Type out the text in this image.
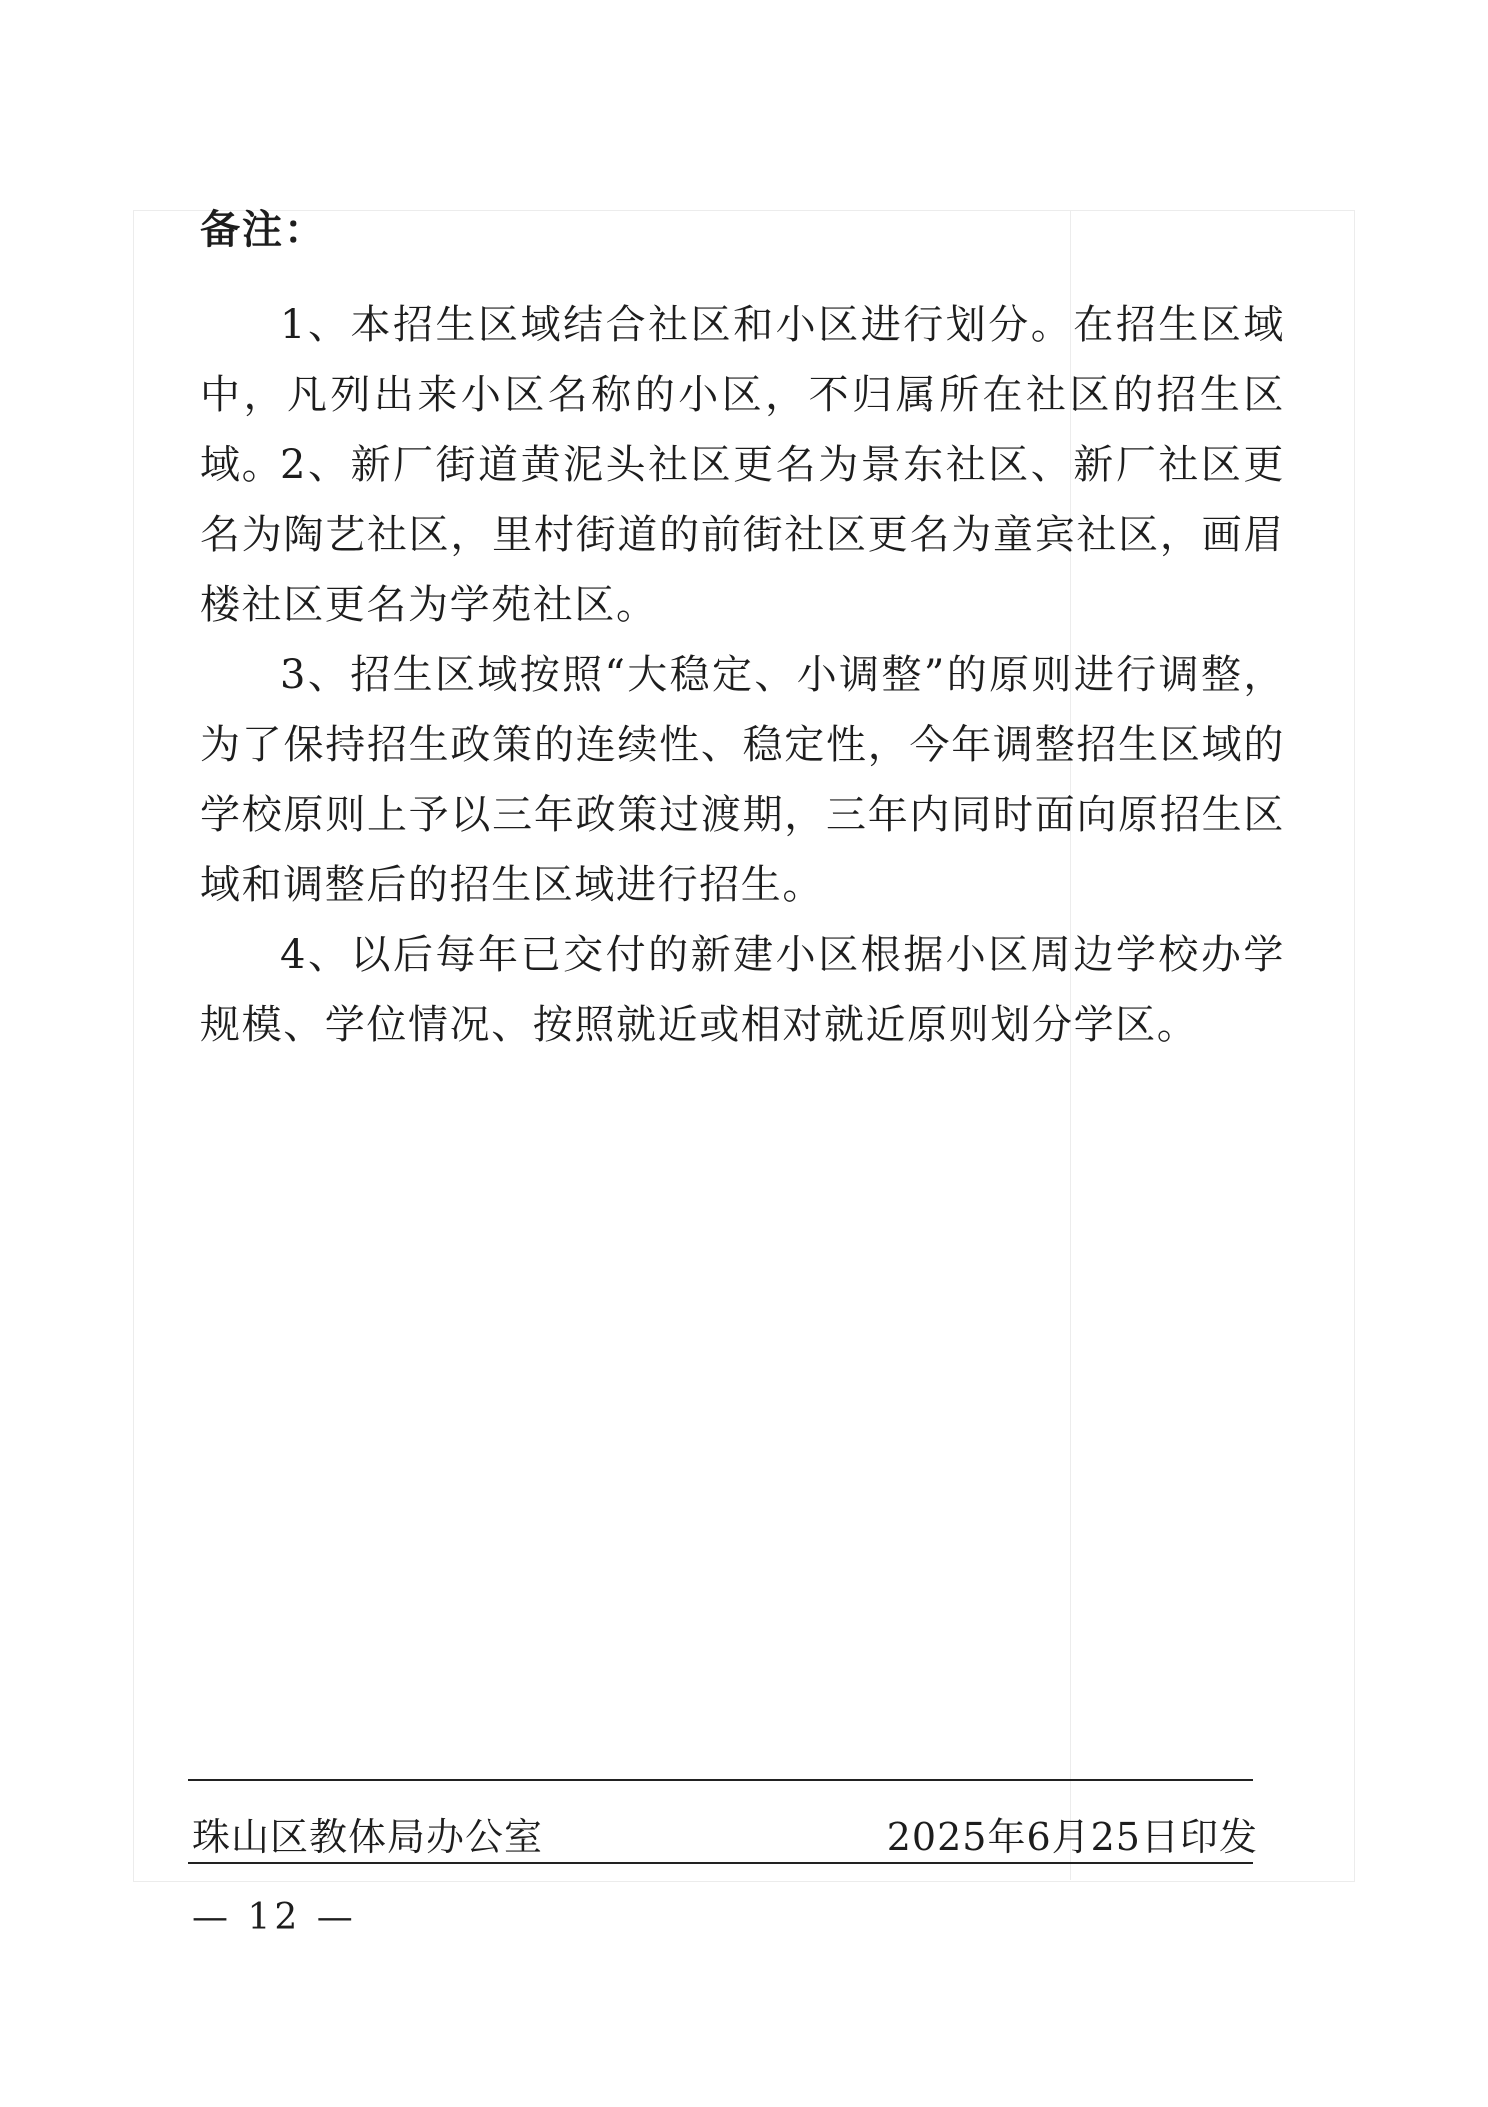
备注：

1、本招生区域结合社区和小区进行划分。在招生区域中，凡列出来小区名称的小区，不归属所在社区的招生区域。

2、新厂街道黄泥头社区更名为景东社区、新厂社区更名为陶艺社区，里村街道的前街社区更名为童宾社区，画眉楼社区更名为学苑社区。

3、招生区域按照“大稳定、小调整”的原则进行调整，为了保持招生政策的连续性、稳定性，今年调整招生区域的学校原则上予以三年政策过渡期，三年内同时面向原招生区域和调整后的招生区域进行招生。

4、以后每年已交付的新建小区根据小区周边学校办学规模、学位情况、按照就近或相对就近原则划分学区。

珠山区教体局办公室	2025年6月25日印发
— 12 —
